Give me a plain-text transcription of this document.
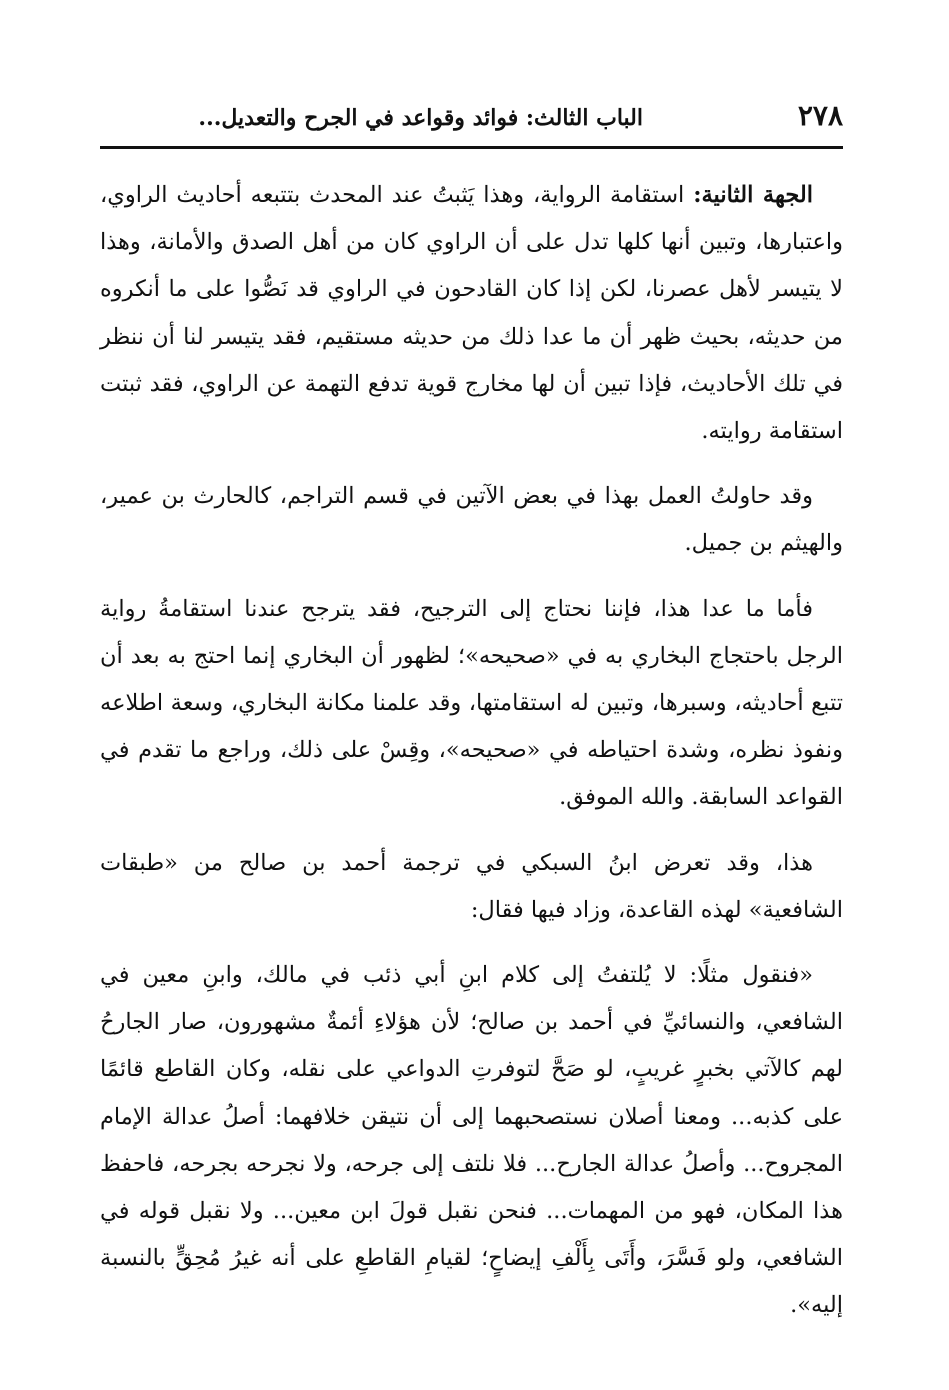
٢٧٨
الباب الثالث: فوائد وقواعد في الجرح والتعديل...

الجهة الثانية: استقامة الرواية، وهذا يَثبتُ عند المحدث بتتبعه أحاديث الراوي، واعتبارها، وتبين أنها كلها تدل على أن الراوي كان من أهل الصدق والأمانة، وهذا لا يتيسر لأهل عصرنا، لكن إذا كان القادحون في الراوي قد نَصُّوا على ما أنكروه من حديثه، بحيث ظهر أن ما عدا ذلك من حديثه مستقيم، فقد يتيسر لنا أن ننظر في تلك الأحاديث، فإذا تبين أن لها مخارج قوية تدفع التهمة عن الراوي، فقد ثبتت استقامة روايته.

وقد حاولتُ العمل بهذا في بعض الآتين في قسم التراجم، كالحارث بن عمير، والهيثم بن جميل.

فأما ما عدا هذا، فإننا نحتاج إلى الترجيح، فقد يترجح عندنا استقامةُ رواية الرجل باحتجاج البخاري به في «صحيحه»؛ لظهور أن البخاري إنما احتج به بعد أن تتبع أحاديثه، وسبرها، وتبين له استقامتها، وقد علمنا مكانة البخاري، وسعة اطلاعه ونفوذ نظره، وشدة احتياطه في «صحيحه»، وقِسْ على ذلك، وراجع ما تقدم في القواعد السابقة. والله الموفق.

هذا، وقد تعرض ابنُ السبكي في ترجمة أحمد بن صالح من «طبقات الشافعية» لهذه القاعدة، وزاد فيها فقال:

«فنقول مثلًا: لا يُلتفتُ إلى كلام ابنِ أبي ذئب في مالك، وابنِ معين في الشافعي، والنسائيِّ في أحمد بن صالح؛ لأن هؤلاءِ أئمةٌ مشهورون، صار الجارحُ لهم كالآتي بخبرٍ غريبٍ، لو صَحَّ لتوفرتِ الدواعي على نقله، وكان القاطع قائمًا على كذبه... ومعنا أصلان نستصحبهما إلى أن نتيقن خلافهما: أصلُ عدالة الإمام المجروح... وأصلُ عدالة الجارح... فلا نلتف إلى جرحه، ولا نجرحه بجرحه، فاحفظ هذا المكان، فهو من المهمات... فنحن نقبل قولَ ابن معين... ولا نقبل قوله في الشافعي، ولو فَسَّرَ، وأَتَى بِأَلْفِ إيضاحٍ؛ لقيامِ القاطعِ على أنه غيرُ مُحِقٍّ بالنسبة إليه».
